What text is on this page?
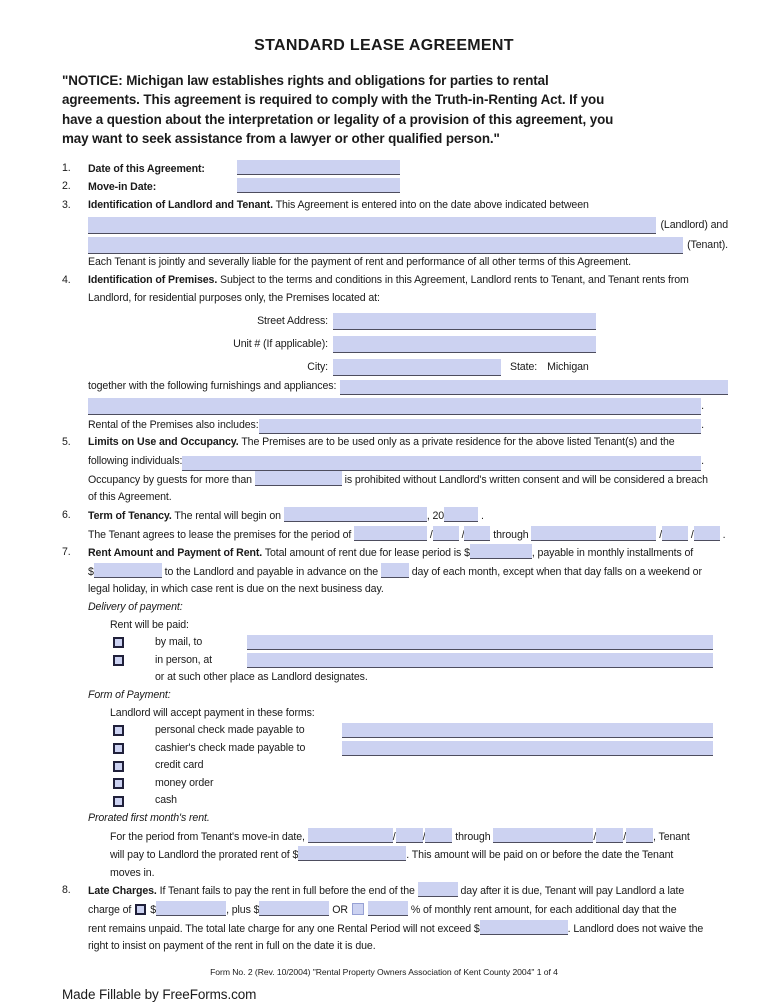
STANDARD LEASE AGREEMENT
"NOTICE: Michigan law establishes rights and obligations for parties to rental
agreements. This agreement is required to comply with the Truth-in-Renting Act. If you
have a question about the interpretation or legality of a provision of this agreement, you
may want to seek assistance from a lawyer or other qualified person."
1.	Date of this Agreement:
2.	Move-in Date:
3.	Identification of Landlord and Tenant. This Agreement is entered into on the date above indicated between
(Landlord) and
(Tenant).
Each Tenant is jointly and severally liable for the payment of rent and performance of all other terms of this Agreement.
4.	Identification of Premises. Subject to the terms and conditions in this Agreement, Landlord rents to Tenant, and Tenant rents from
Landlord, for residential purposes only, the Premises located at:
Street Address:
Unit # (If applicable):
City:	State: Michigan
together with the following furnishings and appliances:
.
Rental of the Premises also includes:	.
5.	Limits on Use and Occupancy. The Premises are to be used only as a private residence for the above listed Tenant(s) and the
following individuals:	.
Occupancy by guests for more than	is prohibited without Landlord's written consent and will be considered a breach
of this Agreement.
6.	Term of Tenancy. The rental will begin on	, 20	.
The Tenant agrees to lease the premises for the period of	/	/	through	/	/	.
7.	Rent Amount and Payment of Rent. Total amount of rent due for lease period is $	, payable in monthly installments of
$	to the Landlord and payable in advance on the	day of each month, except when that day falls on a weekend or
legal holiday, in which case rent is due on the next business day.
Delivery of payment:
Rent will be paid:
by mail, to
in person, at
or at such other place as Landlord designates.
Form of Payment:
Landlord will accept payment in these forms:
personal check made payable to
cashier's check made payable to
credit card
money order
cash
Prorated first month's rent.
For the period from Tenant's move-in date,	/	/	through	/	/	, Tenant
will pay to Landlord the prorated rent of $	. This amount will be paid on or before the date the Tenant
moves in.
8.	Late Charges. If Tenant fails to pay the rent in full before the end of the	day after it is due, Tenant will pay Landlord a late
charge of $	, plus $	OR	% of monthly rent amount, for each additional day that the
rent remains unpaid. The total late charge for any one Rental Period will not exceed $	. Landlord does not waive the
right to insist on payment of the rent in full on the date it is due.
Form No. 2 (Rev. 10/2004) "Rental Property Owners Association of Kent County 2004" 1 of 4
Made Fillable by FreeForms.com
